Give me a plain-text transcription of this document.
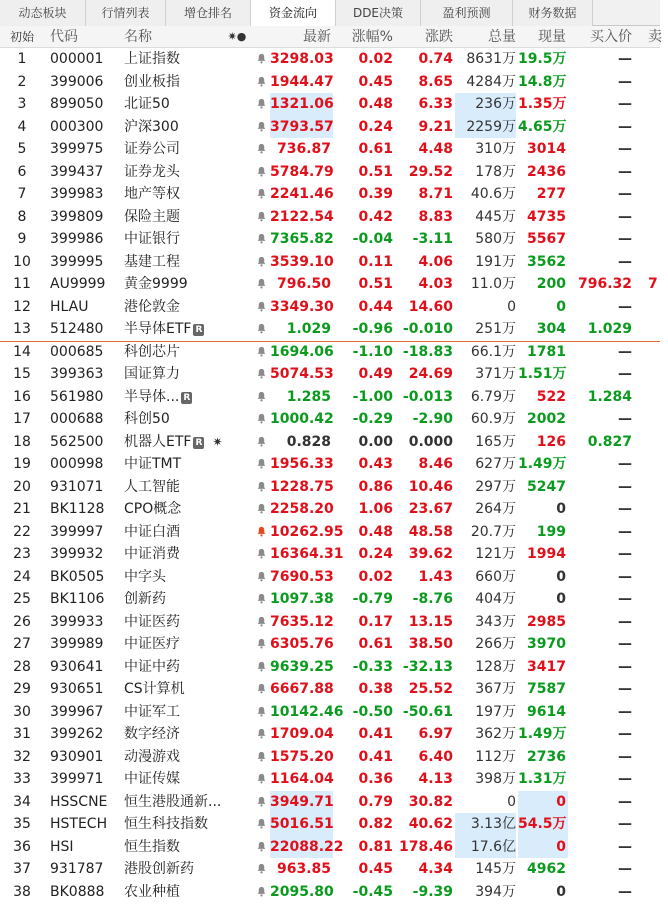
动态板块	行情列表	增仓排名	资金流向	DDE决策	盈利预测	财务数据
初始	代码	名称	✷●	最新	涨幅%	涨跌	总量	现量	买入价 卖
1	000001	上证指数	3298.03	0.02	0.74 8631万 19.5万	—
2	399006	创业板指	1944.47	0.45	8.65 4284万 14.8万	—
3	899050	北证50	1321.06	0.48	6.33	236万 1.35万	—
4	000300	沪深300	3793.57	0.24	9.21 2259万 4.65万	—
5	399975	证券公司	736.87	0.61	4.48	310万 3014	—
6	399437	证券龙头	5784.79	0.51	29.52	178万 2436	—
7	399983	地产等权	2241.46	0.39	8.71	40.6万	277	—
8	399809	保险主题	2122.54	0.42	8.83	445万 4735	—
9	399986	中证银行	7365.82	-0.04	-3.11	580万 5567	—
10	399995	基建工程	3539.10	0.11	4.06	191万 3562	—
11	AU9999	黄金9999	796.50	0.51	4.03	11.0万	200 796.32 7
12	HLAU	港伦敦金	3349.30	0.44	14.60	0	0	—
13	512480	半导体ETF R	1.029	-0.96 -0.010	251万	304	1.029
14	000685	科创芯片	1694.06	-1.10 -18.83	66.1万 1781	—
15	399363	国证算力	5074.53	0.49	24.69	371万 1.51万	—
16	561980	半导体... R	1.285	-1.00 -0.013	6.79万	522	1.284
17	000688	科创50	1000.42	-0.29	-2.90	60.9万 2002	—
18	562500	机器人ETF R ✷	0.828	0.00	0.000	165万	126	0.827
19	000998	中证TMT	1956.33	0.43	8.46	627万 1.49万	—
20	931071	人工智能	1228.75	0.86	10.46	297万 5247	—
21	BK1128	CPO概念	2258.20	1.06	23.67	264万	0	—
22	399997	中证白酒	10262.95	0.48	48.58	20.7万	199	—
23	399932	中证消费	16364.31	0.24	39.62	121万 1994	—
24	BK0505	中字头	7690.53	0.02	1.43	660万	0	—
25	BK1106	创新药	1097.38	-0.79	-8.76	404万	0	—
26	399933	中证医药	7635.12	0.17	13.15	343万 2985	—
27	399989	中证医疗	6305.76	0.61	38.50	266万 3970	—
28	930641	中证中药	9639.25	-0.33 -32.13	128万 3417	—
29	930651	CS计算机	6667.88	0.38	25.52	367万 7587	—
30	399967	中证军工	10142.46 -0.50 -50.61	197万 9614	—
31	399262	数字经济	1709.04	0.41	6.97	362万 1.49万	—
32	930901	动漫游戏	1575.20	0.41	6.40	112万 2736	—
33	399971	中证传媒	1164.04	0.36	4.13	398万 1.31万	—
34	HSSCNE	恒生港股通新...	3949.71	0.79	30.82	0	0	—
35	HSTECH	恒生科技指数	5016.51	0.82	40.62	3.13亿 54.5万	—
36	HSI	恒生指数	22088.22	0.81 178.46	17.6亿	0	—
37	931787	港股创新药	963.85	0.45	4.34	145万 4962	—
38	BK0888	农业种植	2095.80	-0.45	-9.39	394万	0	—
